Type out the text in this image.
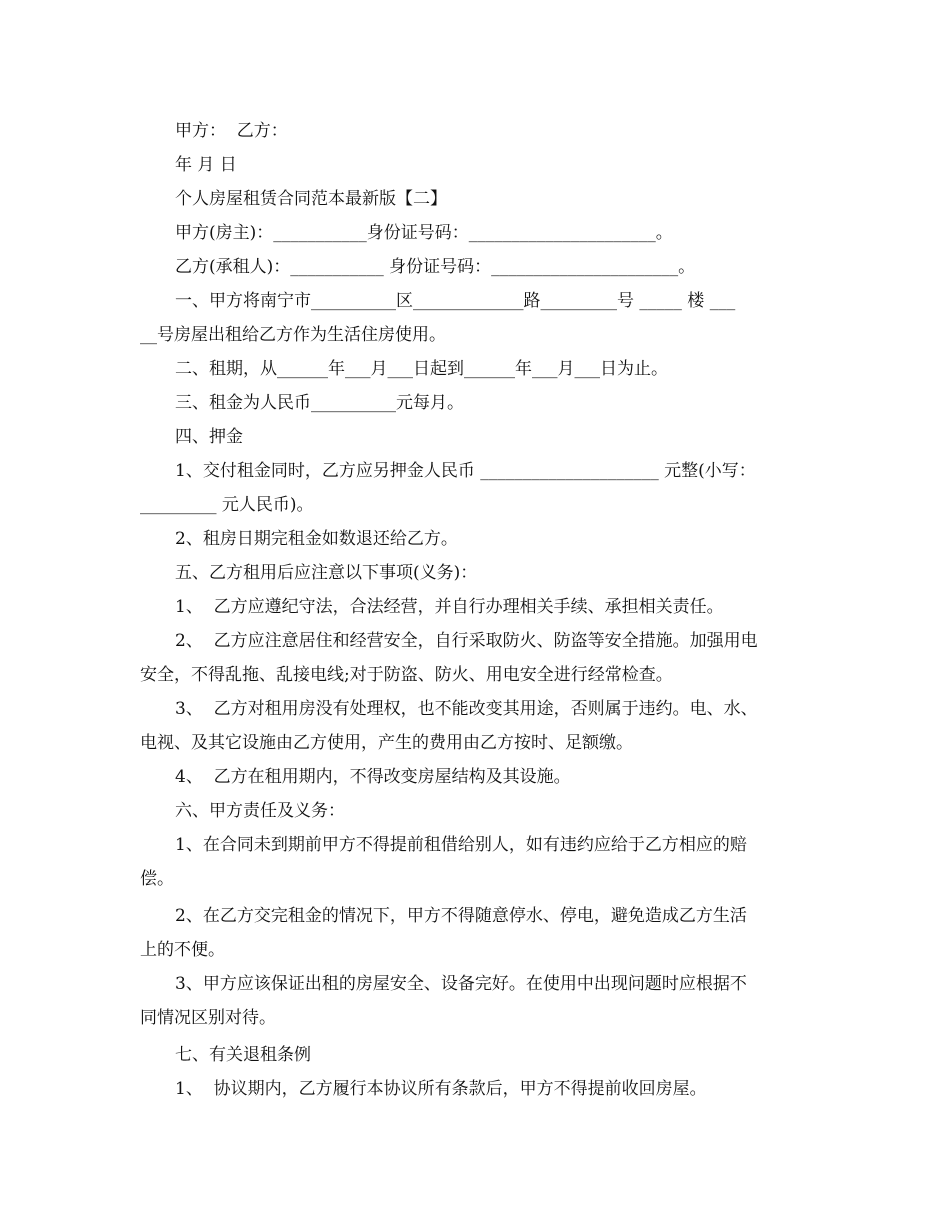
甲方：  乙方：
年 月 日
个人房屋租赁合同范本最新版【二】
甲方(房主)：___________身份证号码：______________________。
乙方(承租人)：___________ 身份证号码：______________________。
一、甲方将南宁市__________区_____________路_________号 _____ 楼 ___
__号房屋出租给乙方作为生活住房使用。
二、租期，从______年___月___日起到______年___月___日为止。
三、租金为人民币__________元每月。
四、押金
1、交付租金同时，乙方应另押金人民币 _____________________ 元整(小写：
_________ 元人民币)。
2、租房日期完租金如数退还给乙方。
五、乙方租用后应注意以下事项(义务)：
1、  乙方应遵纪守法，合法经营，并自行办理相关手续、承担相关责任。
2、  乙方应注意居住和经营安全，自行采取防火、防盗等安全措施。加强用电
安全，不得乱拖、乱接电线;对于防盗、防火、用电安全进行经常检查。
3、  乙方对租用房没有处理权，也不能改变其用途，否则属于违约。电、水、
电视、及其它设施由乙方使用，产生的费用由乙方按时、足额缴。
4、  乙方在租用期内，不得改变房屋结构及其设施。
六、甲方责任及义务：
1、在合同未到期前甲方不得提前租借给别人，如有违约应给于乙方相应的赔
偿。
2、在乙方交完租金的情况下，甲方不得随意停水、停电，避免造成乙方生活
上的不便。
3、甲方应该保证出租的房屋安全、设备完好。在使用中出现问题时应根据不
同情况区别对待。
七、有关退租条例
1、  协议期内，乙方履行本协议所有条款后，甲方不得提前收回房屋。
